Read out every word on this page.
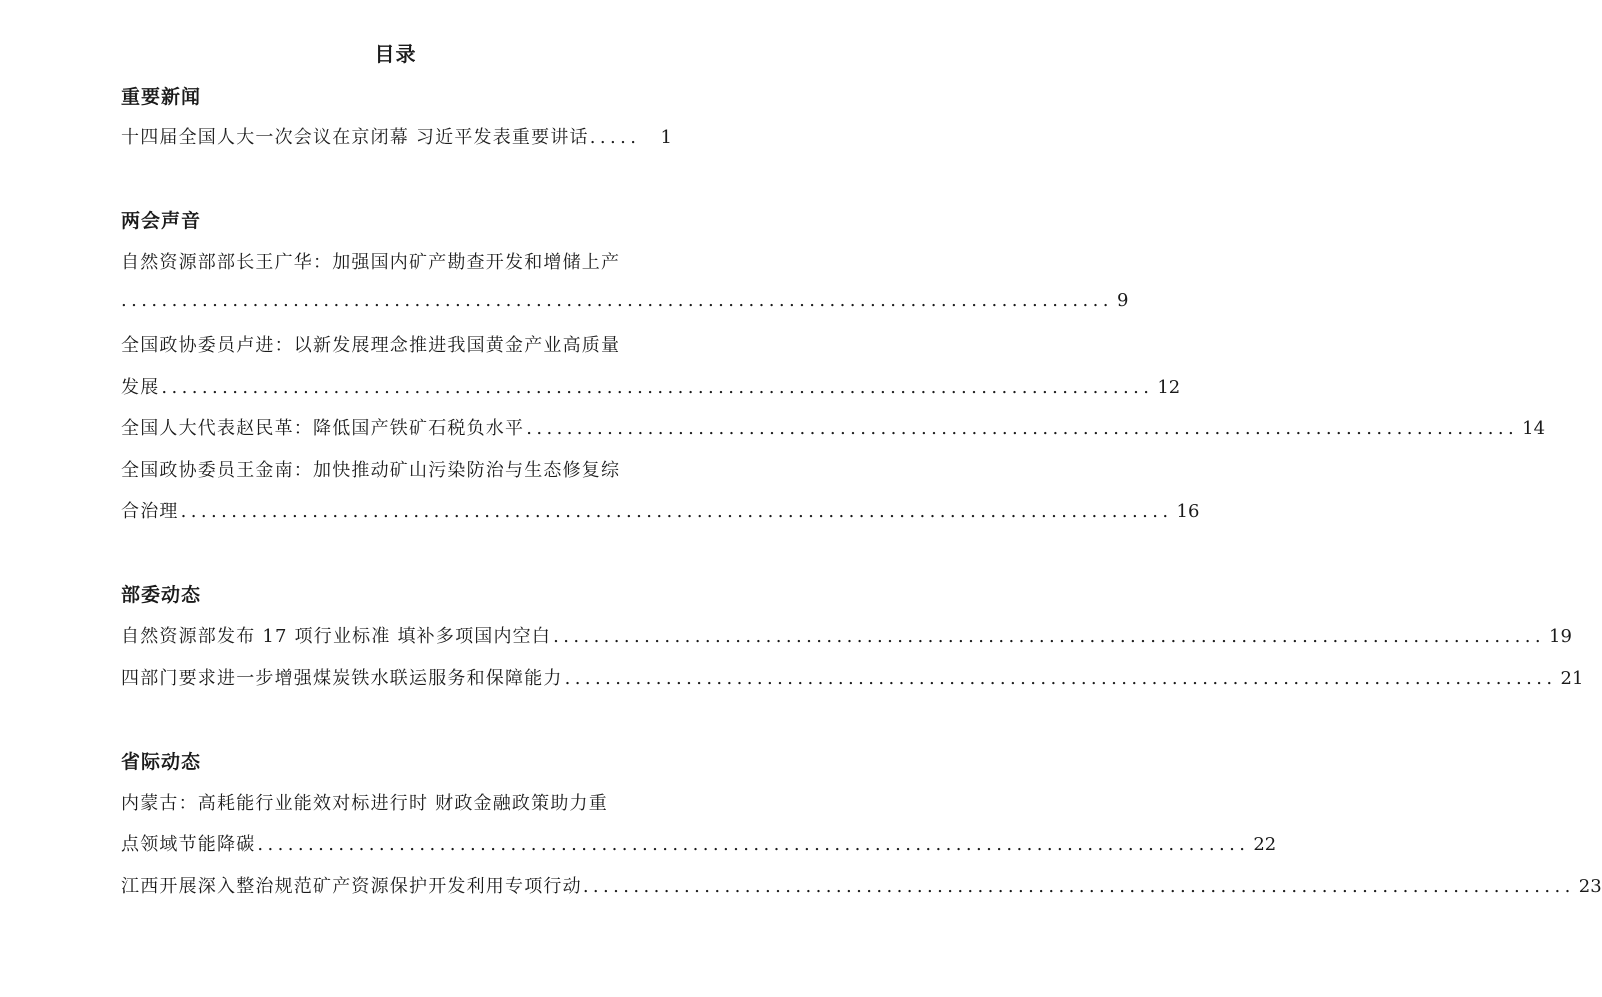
目录
重要新闻
十四届全国人大一次会议在京闭幕 习近平发表重要讲话 .....	1
两会声音
自然资源部部长王广华：加强国内矿产勘查开发和增储上产
.................................................................................................. 9
全国政协委员卢进：以新发展理念推进我国黄金产业高质量
发展 .................................................................................................. 12
全国人大代表赵民革：降低国产铁矿石税负水平 .................................................................................................. 14
全国政协委员王金南：加快推动矿山污染防治与生态修复综
合治理 .................................................................................................. 16
部委动态
自然资源部发布 17 项行业标准 填补多项国内空白 .................................................................................................. 19
四部门要求进一步增强煤炭铁水联运服务和保障能力 .................................................................................................. 21
省际动态
内蒙古：高耗能行业能效对标进行时 财政金融政策助力重
点领域节能降碳 .................................................................................................. 22
江西开展深入整治规范矿产资源保护开发利用专项行动 .................................................................................................. 23
